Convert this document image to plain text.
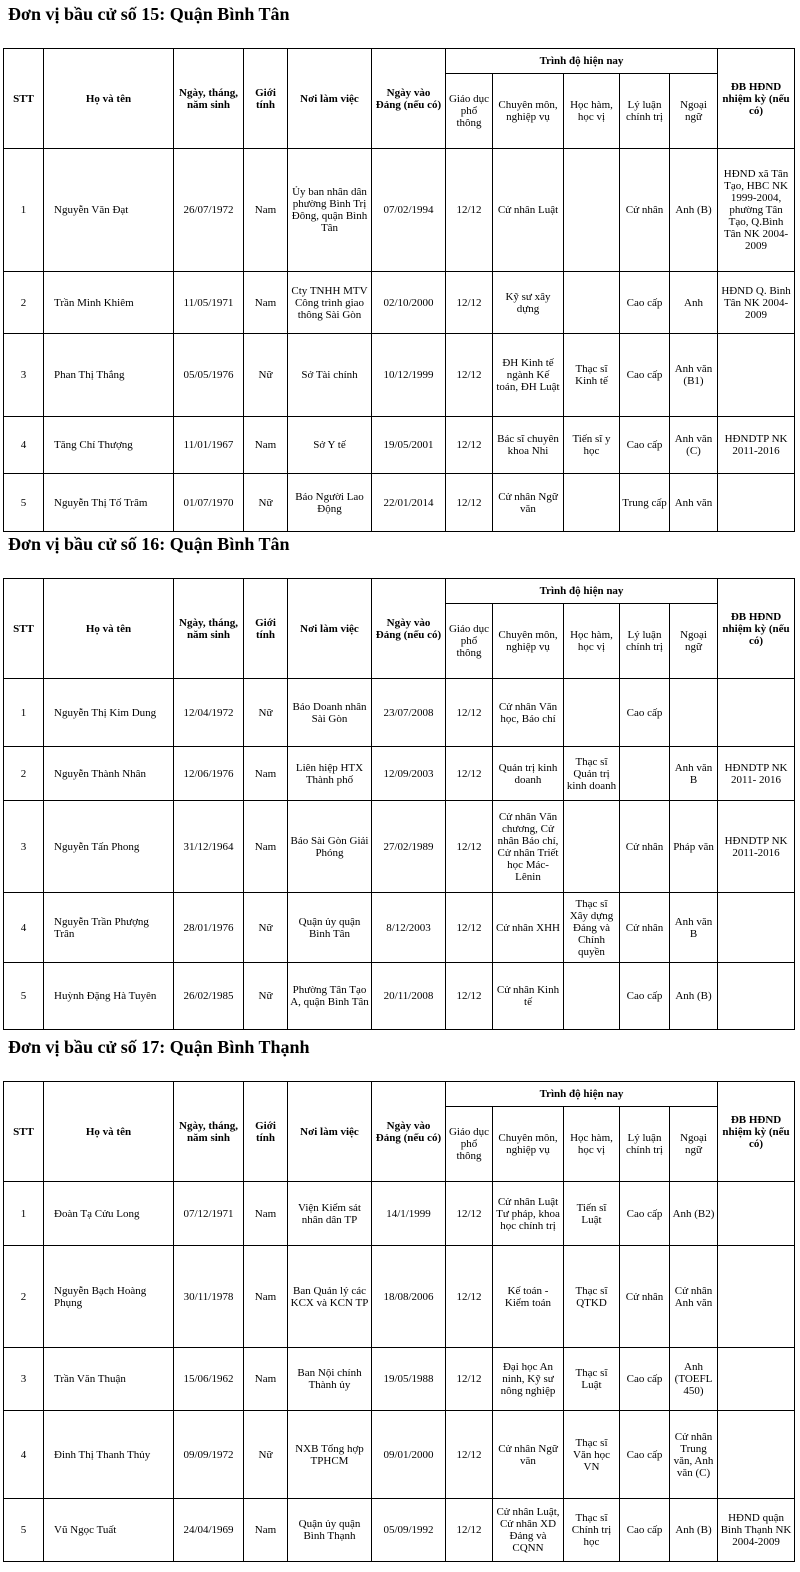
Đơn vị bầu cử số 15: Quận Bình Tân
STT	Họ và tên	Ngày, tháng, năm sinh	Giới tính	Nơi làm việc	Ngày vào Đảng (nếu có)	Trình độ hiện nay					ĐB HĐND nhiệm kỳ (nếu có)
						Giáo dục phổ thông	Chuyên môn, nghiệp vụ	Học hàm, học vị	Lý luận chính trị	Ngoại ngữ	
1	Nguyễn Văn Đạt	26/07/1972	Nam	Ủy ban nhân dân phường Bình Trị Đông, quận Bình Tân	07/02/1994	12/12	Cử nhân Luật		Cử nhân	Anh (B)	HĐND xã Tân Tạo, HBC NK 1999-2004, phường Tân Tạo, Q.Bình Tân NK 2004-2009
2	Trần Minh Khiêm	11/05/1971	Nam	Cty TNHH MTV Công trình giao thông Sài Gòn	02/10/2000	12/12	Kỹ sư xây dựng		Cao cấp	Anh	HĐND Q. Bình Tân NK 2004-2009
3	Phan Thị Thắng	05/05/1976	Nữ	Sở Tài chính	10/12/1999	12/12	ĐH Kinh tế ngành Kế toán, ĐH Luật	Thạc sĩ Kinh tế	Cao cấp	Anh văn (B1)	
4	Tăng Chí Thượng	11/01/1967	Nam	Sở Y tế	19/05/2001	12/12	Bác sĩ chuyên khoa Nhi	Tiến sĩ y học	Cao cấp	Anh văn (C)	HĐNDTP NK 2011-2016
5	Nguyễn Thị Tố Trâm	01/07/1970	Nữ	Báo Người Lao Động	22/01/2014	12/12	Cử nhân Ngữ văn		Trung cấp	Anh văn	
Đơn vị bầu cử số 16: Quận Bình Tân
STT	Họ và tên	Ngày, tháng, năm sinh	Giới tính	Nơi làm việc	Ngày vào Đảng (nếu có)	Trình độ hiện nay					ĐB HĐND nhiệm kỳ (nếu có)
						Giáo dục phổ thông	Chuyên môn, nghiệp vụ	Học hàm, học vị	Lý luận chính trị	Ngoại ngữ	
1	Nguyễn Thị Kim Dung	12/04/1972	Nữ	Báo Doanh nhân Sài Gòn	23/07/2008	12/12	Cử nhân Văn học, Báo chí		Cao cấp		
2	Nguyễn Thành Nhân	12/06/1976	Nam	Liên hiệp HTX Thành phố	12/09/2003	12/12	Quản trị kinh doanh	Thạc sĩ Quản trị kinh doanh		Anh văn B	HĐNDTP NK 2011- 2016
3	Nguyễn Tấn Phong	31/12/1964	Nam	Báo Sài Gòn Giải Phóng	27/02/1989	12/12	Cử nhân Văn chương, Cử nhân Báo chí, Cử nhân Triết học Mác-Lênin		Cử nhân	Pháp văn	HĐNDTP NK 2011-2016
4	Nguyễn Trần Phượng Trân	28/01/1976	Nữ	Quận ủy quận Bình Tân	8/12/2003	12/12	Cử nhân XHH	Thạc sĩ Xây dựng Đảng và Chính quyền	Cử nhân	Anh văn B	
5	Huỳnh Đặng Hà Tuyên	26/02/1985	Nữ	Phường Tân Tạo A, quận Bình Tân	20/11/2008	12/12	Cử nhân Kinh tế		Cao cấp	Anh (B)	
Đơn vị bầu cử số 17: Quận Bình Thạnh
STT	Họ và tên	Ngày, tháng, năm sinh	Giới tính	Nơi làm việc	Ngày vào Đảng (nếu có)	Trình độ hiện nay					ĐB HĐND nhiệm kỳ (nếu có)
						Giáo dục phổ thông	Chuyên môn, nghiệp vụ	Học hàm, học vị	Lý luận chính trị	Ngoại ngữ	
1	Đoàn Tạ Cửu Long	07/12/1971	Nam	Viện Kiểm sát nhân dân TP	14/1/1999	12/12	Cử nhân Luật Tư pháp, khoa học chính trị	Tiến sĩ Luật	Cao cấp	Anh (B2)	
2	Nguyễn Bạch Hoàng Phụng	30/11/1978	Nam	Ban Quản lý các KCX và KCN TP	18/08/2006	12/12	Kế toán - Kiểm toán	Thạc sĩ QTKD	Cử nhân	Cử nhân Anh văn	
3	Trần Văn Thuận	15/06/1962	Nam	Ban Nội chính Thành ủy	19/05/1988	12/12	Đại học An ninh, Kỹ sư nông nghiệp	Thạc sĩ Luật	Cao cấp	Anh (TOEFL 450)	
4	Đinh Thị Thanh Thủy	09/09/1972	Nữ	NXB Tổng hợp TPHCM	09/01/2000	12/12	Cử nhân Ngữ văn	Thạc sĩ Văn học VN	Cao cấp	Cử nhân Trung văn, Anh văn (C)	
5	Vũ Ngọc Tuất	24/04/1969	Nam	Quận ủy quận Bình Thạnh	05/09/1992	12/12	Cử nhân Luật, Cử nhân XD Đảng và CQNN	Thạc sĩ Chính trị học	Cao cấp	Anh (B)	HĐND quận Bình Thạnh NK 2004-2009
